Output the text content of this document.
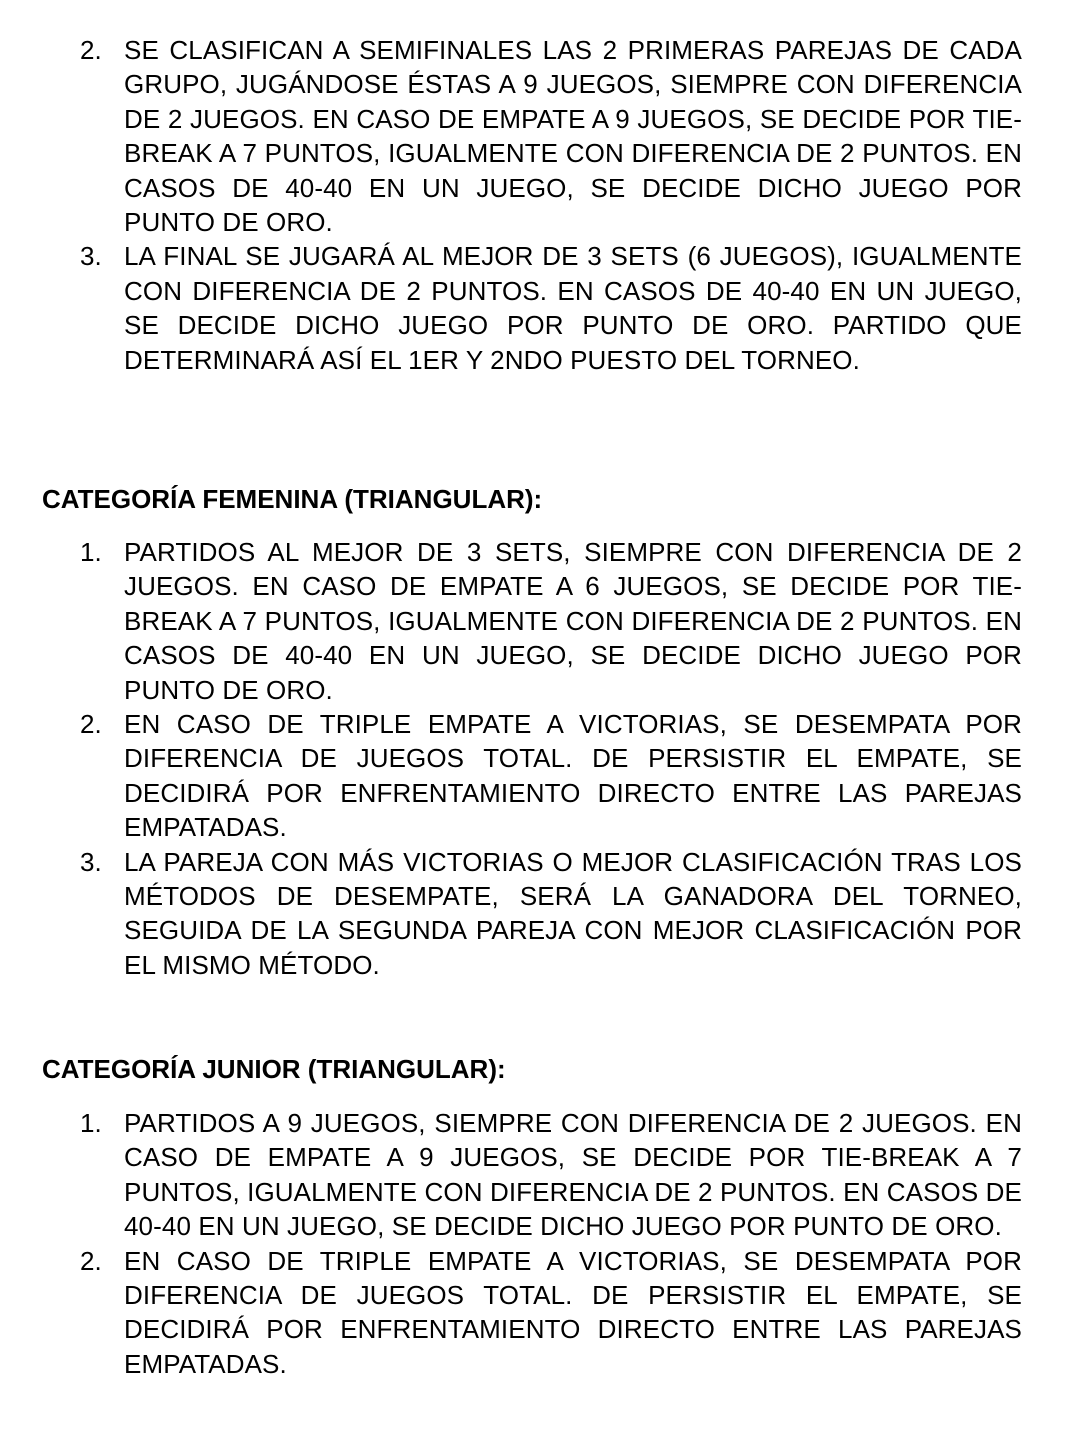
2. SE CLASIFICAN A SEMIFINALES LAS 2 PRIMERAS PAREJAS DE CADA GRUPO, JUGÁNDOSE ÉSTAS A 9 JUEGOS, SIEMPRE CON DIFERENCIA DE 2 JUEGOS. EN CASO DE EMPATE A 9 JUEGOS, SE DECIDE POR TIE-BREAK A 7 PUNTOS, IGUALMENTE CON DIFERENCIA DE 2 PUNTOS. EN CASOS DE 40-40 EN UN JUEGO, SE DECIDE DICHO JUEGO POR PUNTO DE ORO.
3. LA FINAL SE JUGARÁ AL MEJOR DE 3 SETS (6 JUEGOS), IGUALMENTE CON DIFERENCIA DE 2 PUNTOS. EN CASOS DE 40-40 EN UN JUEGO, SE DECIDE DICHO JUEGO POR PUNTO DE ORO. PARTIDO QUE DETERMINARÁ ASÍ EL 1ER Y 2NDO PUESTO DEL TORNEO.
CATEGORÍA FEMENINA (TRIANGULAR):
1. PARTIDOS AL MEJOR DE 3 SETS, SIEMPRE CON DIFERENCIA DE 2 JUEGOS. EN CASO DE EMPATE A 6 JUEGOS, SE DECIDE POR TIE-BREAK A 7 PUNTOS, IGUALMENTE CON DIFERENCIA DE 2 PUNTOS. EN CASOS DE 40-40 EN UN JUEGO, SE DECIDE DICHO JUEGO POR PUNTO DE ORO.
2. EN CASO DE TRIPLE EMPATE A VICTORIAS, SE DESEMPATA POR DIFERENCIA DE JUEGOS TOTAL. DE PERSISTIR EL EMPATE, SE DECIDIRÁ POR ENFRENTAMIENTO DIRECTO ENTRE LAS PAREJAS EMPATADAS.
3. LA PAREJA CON MÁS VICTORIAS O MEJOR CLASIFICACIÓN TRAS LOS MÉTODOS DE DESEMPATE, SERÁ LA GANADORA DEL TORNEO, SEGUIDA DE LA SEGUNDA PAREJA CON MEJOR CLASIFICACIÓN POR EL MISMO MÉTODO.
CATEGORÍA JUNIOR (TRIANGULAR):
1. PARTIDOS A 9 JUEGOS, SIEMPRE CON DIFERENCIA DE 2 JUEGOS. EN CASO DE EMPATE A 9 JUEGOS, SE DECIDE POR TIE-BREAK A 7 PUNTOS, IGUALMENTE CON DIFERENCIA DE 2 PUNTOS. EN CASOS DE 40-40 EN UN JUEGO, SE DECIDE DICHO JUEGO POR PUNTO DE ORO.
2. EN CASO DE TRIPLE EMPATE A VICTORIAS, SE DESEMPATA POR DIFERENCIA DE JUEGOS TOTAL. DE PERSISTIR EL EMPATE, SE DECIDIRÁ POR ENFRENTAMIENTO DIRECTO ENTRE LAS PAREJAS EMPATADAS.
